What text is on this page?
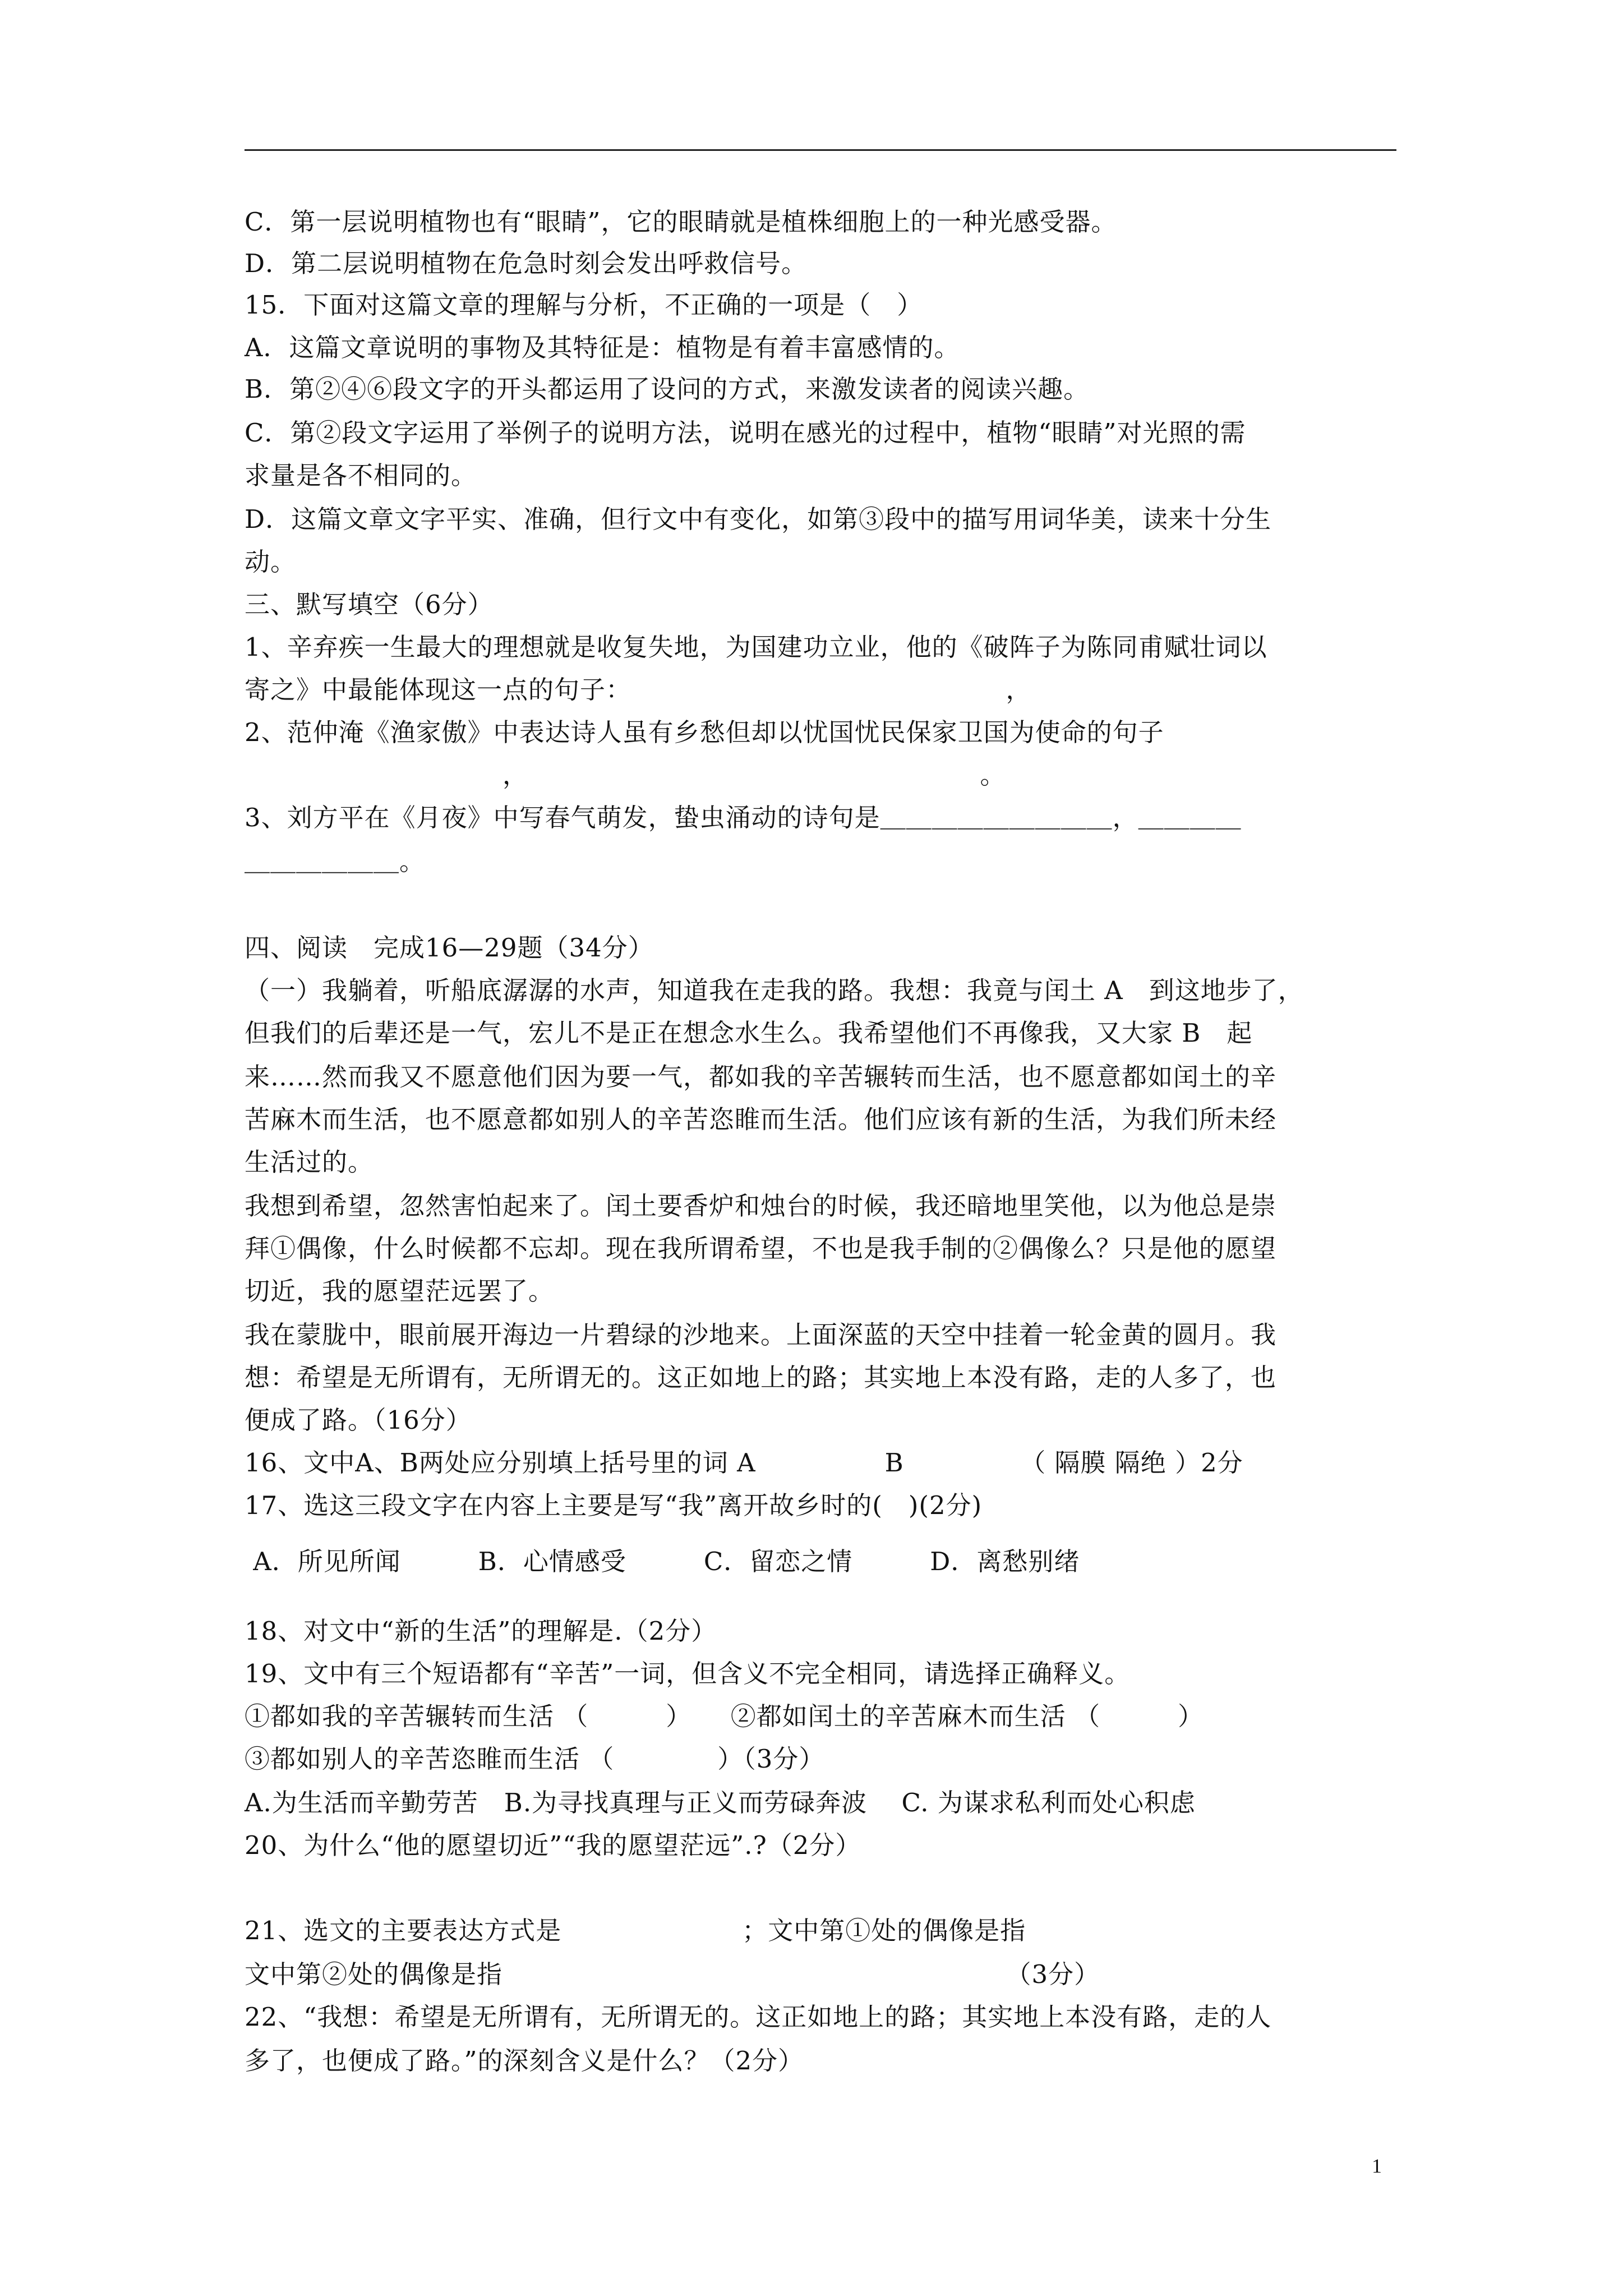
C．第一层说明植物也有“眼睛”，它的眼睛就是植株细胞上的一种光感受器。
D．第二层说明植物在危急时刻会发出呼救信号。
15．下面对这篇文章的理解与分析，不正确的一项是（　）
A．这篇文章说明的事物及其特征是：植物是有着丰富感情的。
B．第②④⑥段文字的开头都运用了设问的方式，来激发读者的阅读兴趣。
C．第②段文字运用了举例子的说明方法，说明在感光的过程中，植物“眼睛”对光照的需
求量是各不相同的。
D．这篇文章文字平实、准确，但行文中有变化，如第③段中的描写用词华美，读来十分生
动。
三、默写填空（6分）
1、辛弃疾一生最大的理想就是收复失地，为国建功立业，他的《破阵子为陈同甫赋壮词以
寄之》中最能体现这一点的句子：　　　　　　　　　　　　　　　，
2、范仲淹《渔家傲》中表达诗人虽有乡愁但却以忧国忧民保家卫国为使命的句子
　　　　　　　　　　，　　　　　　　　　　　　　　　　　　。
3、刘方平在《月夜》中写春气萌发，蛰虫涌动的诗句是＿＿＿＿＿＿＿＿＿，＿＿＿＿
＿＿＿＿＿＿。
四、阅读　完成16—29题（34分）
（一）我躺着，听船底潺潺的水声，知道我在走我的路。我想：我竟与闰土 A　到这地步了，
但我们的后辈还是一气，宏儿不是正在想念水生么。我希望他们不再像我，又大家 B　起
来……然而我又不愿意他们因为要一气，都如我的辛苦辗转而生活，也不愿意都如闰土的辛
苦麻木而生活，也不愿意都如别人的辛苦恣睢而生活。他们应该有新的生活，为我们所未经
生活过的。
我想到希望，忽然害怕起来了。闰土要香炉和烛台的时候，我还暗地里笑他，以为他总是崇
拜①偶像，什么时候都不忘却。现在我所谓希望，不也是我手制的②偶像么？只是他的愿望
切近，我的愿望茫远罢了。
我在蒙胧中，眼前展开海边一片碧绿的沙地来。上面深蓝的天空中挂着一轮金黄的圆月。我
想：希望是无所谓有，无所谓无的。这正如地上的路；其实地上本没有路，走的人多了，也
便成了路。（16分）
16、文中A、B两处应分别填上括号里的词 A　　　　　B　　　　　（ 隔膜 隔绝 ）2分
17、选这三段文字在内容上主要是写“我”离开故乡时的(　)(2分)
A．所见所闻　　　B．心情感受　　　C．留恋之情　　　D．离愁别绪
18、对文中“新的生活”的理解是.（2分）
19、文中有三个短语都有“辛苦”一词，但含义不完全相同，请选择正确释义。
①都如我的辛苦辗转而生活 （　　　）　　②都如闰土的辛苦麻木而生活 （　　　）
③都如别人的辛苦恣睢而生活 （　　　　）（3分）
A.为生活而辛勤劳苦　B.为寻找真理与正义而劳碌奔波　 C. 为谋求私利而处心积虑
20、为什么“他的愿望切近”“我的愿望茫远”.?（2分）
21、选文的主要表达方式是　　　　　　　；文中第①处的偶像是指
文中第②处的偶像是指　　　　　　　　　　　　　　　　　　　　（3分）
22、“我想：希望是无所谓有，无所谓无的。这正如地上的路；其实地上本没有路，走的人
多了，也便成了路。”的深刻含义是什么？（2分）
1
